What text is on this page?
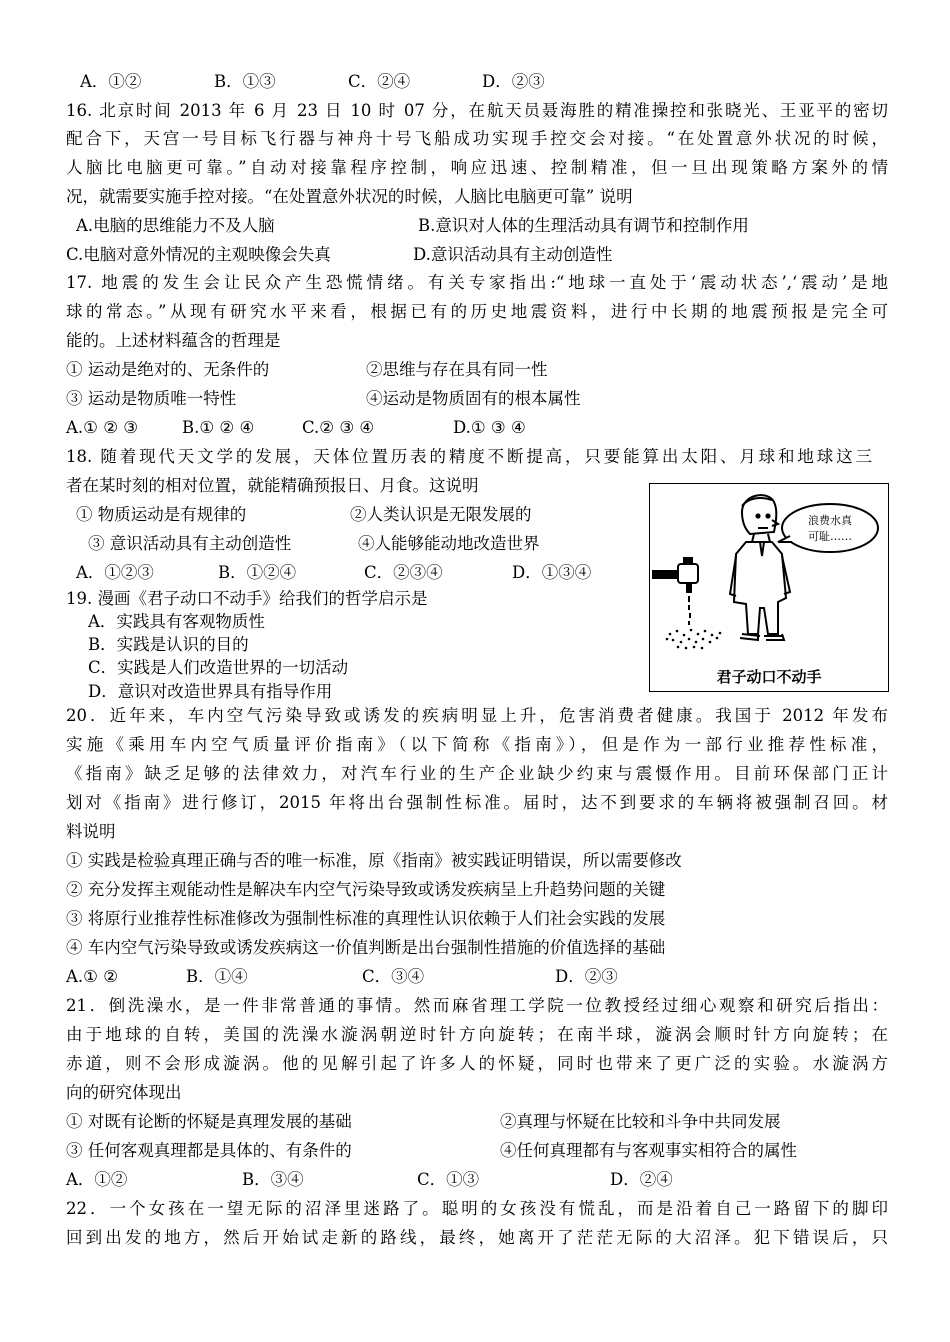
A．①②	B．①③	C．②④	D．②③
16. 北京时间 2013 年 6 月 23 日 10 时 07 分，在航天员聂海胜的精准操控和张晓光、王亚平的密切
配合下，天宫一号目标飞行器与神舟十号飞船成功实现手控交会对接。“在处置意外状况的时候，
人脑比电脑更可靠。”自动对接靠程序控制，响应迅速、控制精准，但一旦出现策略方案外的情
况，就需要实施手控对接。“在处置意外状况的时候，人脑比电脑更可靠” 说明
A.电脑的思维能力不及人脑	B.意识对人体的生理活动具有调节和控制作用
C.电脑对意外情况的主观映像会失真	D.意识活动具有主动创造性
17. 地震的发生会让民众产生恐慌情绪。有关专家指出:“地球一直处于‘震动状态’,‘震动’是地
球的常态。”从现有研究水平来看，根据已有的历史地震资料，进行中长期的地震预报是完全可
能的。上述材料蕴含的哲理是
① 运动是绝对的、无条件的	②思维与存在具有同一性
③ 运动是物质唯一特性	④运动是物质固有的根本属性
A.① ② ③	B.① ② ④	C.② ③ ④	D.① ③ ④
18. 随着现代天文学的发展，天体位置历表的精度不断提高，只要能算出太阳、月球和地球这三
者在某时刻的相对位置，就能精确预报日、月食。这说明
① 物质运动是有规律的	②人类认识是无限发展的
③ 意识活动具有主动创造性	④人能够能动地改造世界
A．①②③	B．①②④	C．②③④	D．①③④
19. 漫画《君子动口不动手》给我们的哲学启示是
A．实践具有客观物质性
B．实践是认识的目的
C．实践是人们改造世界的一切活动
D．意识对改造世界具有指导作用
浪费水真
可耻……
君子动口不动手
20．近年来，车内空气污染导致或诱发的疾病明显上升，危害消费者健康。我国于 2012 年发布
实施《乘用车内空气质量评价指南》（以下简称《指南》），但是作为一部行业推荐性标准，
《指南》缺乏足够的法律效力，对汽车行业的生产企业缺少约束与震慑作用。目前环保部门正计
划对《指南》进行修订，2015 年将出台强制性标准。届时，达不到要求的车辆将被强制召回。材
料说明
① 实践是检验真理正确与否的唯一标准，原《指南》被实践证明错误，所以需要修改
② 充分发挥主观能动性是解决车内空气污染导致或诱发疾病呈上升趋势问题的关键
③ 将原行业推荐性标准修改为强制性标准的真理性认识依赖于人们社会实践的发展
④ 车内空气污染导致或诱发疾病这一价值判断是出台强制性措施的价值选择的基础
A.① ②	B．①④	C．③④	D．②③
21．倒洗澡水，是一件非常普通的事情。然而麻省理工学院一位教授经过细心观察和研究后指出：
由于地球的自转，美国的洗澡水漩涡朝逆时针方向旋转；在南半球，漩涡会顺时针方向旋转；在
赤道，则不会形成漩涡。他的见解引起了许多人的怀疑，同时也带来了更广泛的实验。水漩涡方
向的研究体现出
① 对既有论断的怀疑是真理发展的基础	②真理与怀疑在比较和斗争中共同发展
③ 任何客观真理都是具体的、有条件的	④任何真理都有与客观事实相符合的属性
A．①②	B．③④	C．①③	D．②④
22．一个女孩在一望无际的沼泽里迷路了。聪明的女孩没有慌乱，而是沿着自己一路留下的脚印
回到出发的地方，然后开始试走新的路线，最终，她离开了茫茫无际的大沼泽。犯下错误后，只
